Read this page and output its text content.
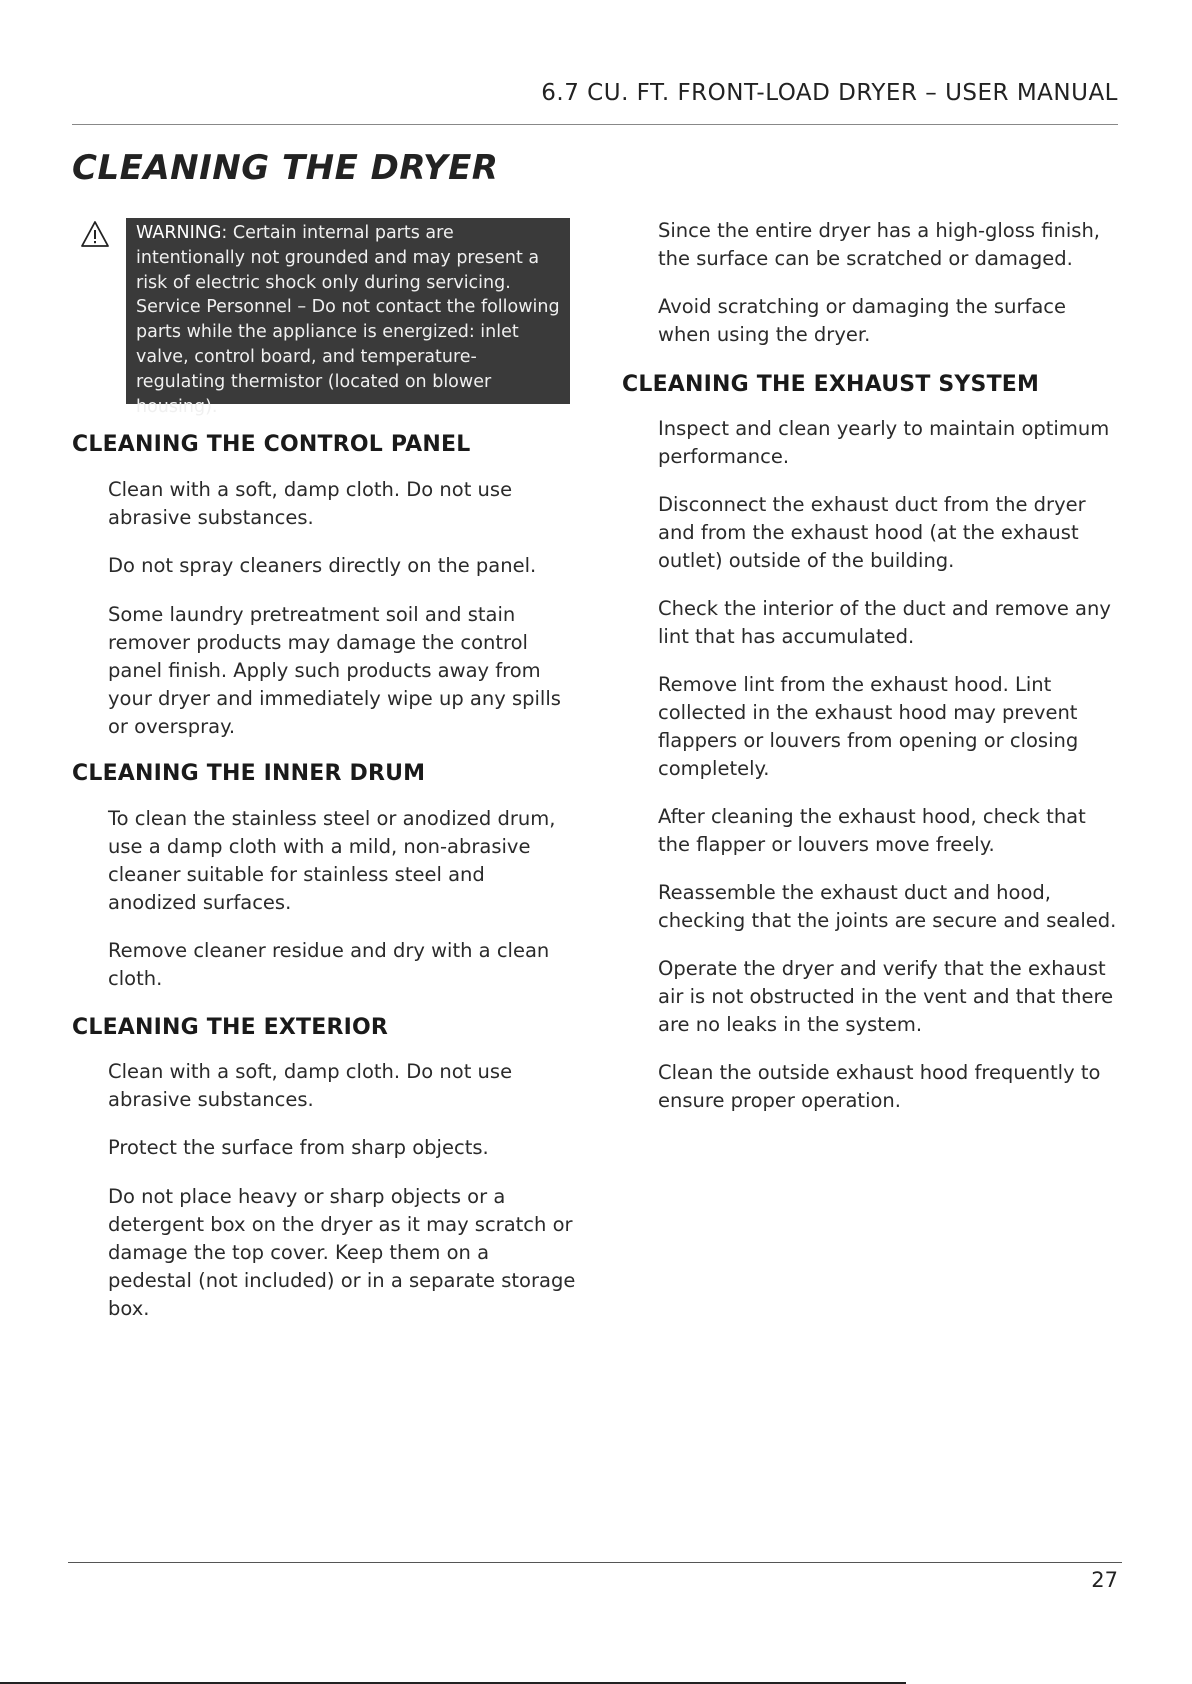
6.7 CU. FT. FRONT-LOAD DRYER – USER MANUAL
CLEANING THE DRYER
WARNING: Certain internal parts are intentionally not grounded and may present a risk of electric shock only during servicing. Service Personnel – Do not contact the following parts while the appliance is energized: inlet valve, control board, and temperature-regulating thermistor (located on blower housing).
CLEANING THE CONTROL PANEL
Clean with a soft, damp cloth. Do not use abrasive substances.
Do not spray cleaners directly on the panel.
Some laundry pretreatment soil and stain remover products may damage the control panel finish. Apply such products away from your dryer and immediately wipe up any spills or overspray.
CLEANING THE INNER DRUM
To clean the stainless steel or anodized drum, use a damp cloth with a mild, non-abrasive cleaner suitable for stainless steel and anodized surfaces.
Remove cleaner residue and dry with a clean cloth.
CLEANING THE EXTERIOR
Clean with a soft, damp cloth. Do not use abrasive substances.
Protect the surface from sharp objects.
Do not place heavy or sharp objects or a detergent box on the dryer as it may scratch or damage the top cover. Keep them on a pedestal (not included) or in a separate storage box.
Since the entire dryer has a high-gloss finish, the surface can be scratched or damaged.
Avoid scratching or damaging the surface when using the dryer.
CLEANING THE EXHAUST SYSTEM
Inspect and clean yearly to maintain optimum performance.
Disconnect the exhaust duct from the dryer and from the exhaust hood (at the exhaust outlet) outside of the building.
Check the interior of the duct and remove any lint that has accumulated.
Remove lint from the exhaust hood. Lint collected in the exhaust hood may prevent flappers or louvers from opening or closing completely.
After cleaning the exhaust hood, check that the flapper or louvers move freely.
Reassemble the exhaust duct and hood, checking that the joints are secure and sealed.
Operate the dryer and verify that the exhaust air is not obstructed in the vent and that there are no leaks in the system.
Clean the outside exhaust hood frequently to ensure proper operation.
27
